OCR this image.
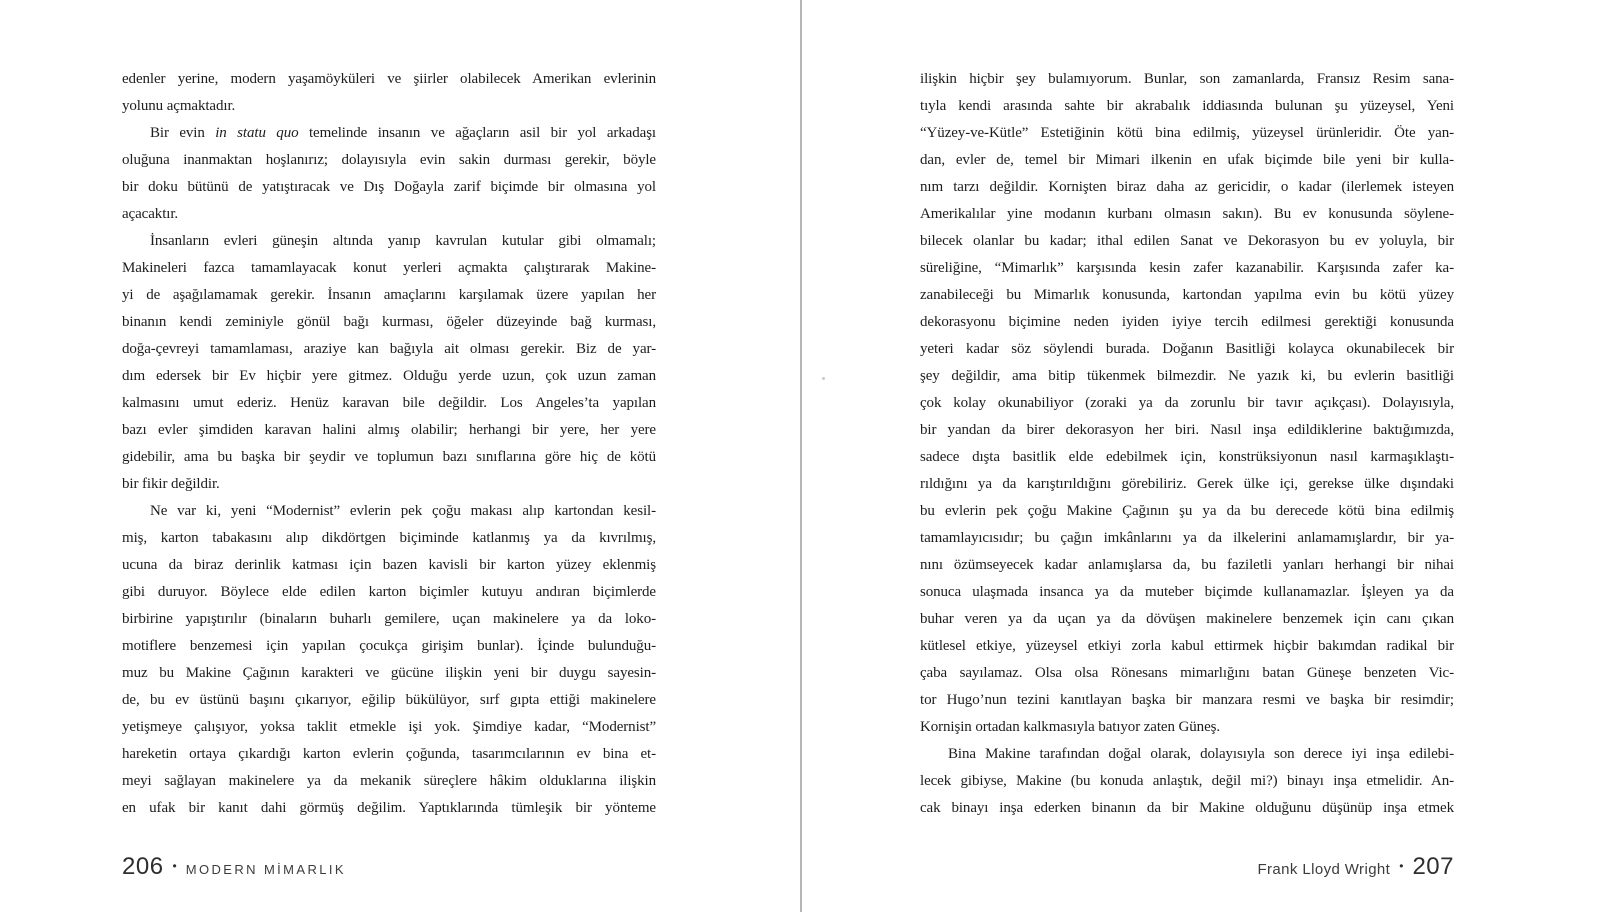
edenler yerine, modern yaşamöyküleri ve şiirler olabilecek Amerikan evlerinin

yolunu açmaktadır.

Bir evin in statu quo temelinde insanın ve ağaçların asil bir yol arkadaşı

oluğuna inanmaktan hoşlanırız; dolayısıyla evin sakin durması gerekir, böyle

bir doku bütünü de yatıştıracak ve Dış Doğayla zarif biçimde bir olmasına yol

açacaktır.

İnsanların evleri güneşin altında yanıp kavrulan kutular gibi olmamalı;

Makineleri fazca tamamlayacak konut yerleri açmakta çalıştırarak Makine-

yi de aşağılamamak gerekir. İnsanın amaçlarını karşılamak üzere yapılan her

binanın kendi zeminiyle gönül bağı kurması, öğeler düzeyinde bağ kurması,

doğa-çevreyi tamamlaması, araziye kan bağıyla ait olması gerekir. Biz de yar-

dım edersek bir Ev hiçbir yere gitmez. Olduğu yerde uzun, çok uzun zaman

kalmasını umut ederiz. Henüz karavan bile değildir. Los Angeles’ta yapılan

bazı evler şimdiden karavan halini almış olabilir; herhangi bir yere, her yere

gidebilir, ama bu başka bir şeydir ve toplumun bazı sınıflarına göre hiç de kötü

bir fikir değildir.

Ne var ki, yeni “Modernist” evlerin pek çoğu makası alıp kartondan kesil-

miş, karton tabakasını alıp dikdörtgen biçiminde katlanmış ya da kıvrılmış,

ucuna da biraz derinlik katması için bazen kavisli bir karton yüzey eklenmiş

gibi duruyor. Böylece elde edilen karton biçimler kutuyu andıran biçimlerde

birbirine yapıştırılır (binaların buharlı gemilere, uçan makinelere ya da loko-

motiflere benzemesi için yapılan çocukça girişim bunlar). İçinde bulunduğu-

muz bu Makine Çağının karakteri ve gücüne ilişkin yeni bir duygu sayesin-

de, bu ev üstünü başını çıkarıyor, eğilip bükülüyor, sırf gıpta ettiği makinelere

yetişmeye çalışıyor, yoksa taklit etmekle işi yok. Şimdiye kadar, “Modernist”

hareketin ortaya çıkardığı karton evlerin çoğunda, tasarımcılarının ev bina et-

meyi sağlayan makinelere ya da mekanik süreçlere hâkim olduklarına ilişkin

en ufak bir kanıt dahi görmüş değilim. Yaptıklarında tümleşik bir yönteme

206 • MODERN MİMARLIK

ilişkin hiçbir şey bulamıyorum. Bunlar, son zamanlarda, Fransız Resim sana-

tıyla kendi arasında sahte bir akrabalık iddiasında bulunan şu yüzeysel, Yeni

“Yüzey-ve-Kütle” Estetiğinin kötü bina edilmiş, yüzeysel ürünleridir. Öte yan-

dan, evler de, temel bir Mimari ilkenin en ufak biçimde bile yeni bir kulla-

nım tarzı değildir. Kornişten biraz daha az gericidir, o kadar (ilerlemek isteyen

Amerikalılar yine modanın kurbanı olmasın sakın). Bu ev konusunda söylene-

bilecek olanlar bu kadar; ithal edilen Sanat ve Dekorasyon bu ev yoluyla, bir

süreliğine, “Mimarlık” karşısında kesin zafer kazanabilir. Karşısında zafer ka-

zanabileceği bu Mimarlık konusunda, kartondan yapılma evin bu kötü yüzey

dekorasyonu biçimine neden iyiden iyiye tercih edilmesi gerektiği konusunda

yeteri kadar söz söylendi burada. Doğanın Basitliği kolayca okunabilecek bir

şey değildir, ama bitip tükenmek bilmezdir. Ne yazık ki, bu evlerin basitliği

çok kolay okunabiliyor (zoraki ya da zorunlu bir tavır açıkçası). Dolayısıyla,

bir yandan da birer dekorasyon her biri. Nasıl inşa edildiklerine baktığımızda,

sadece dışta basitlik elde edebilmek için, konstrüksiyonun nasıl karmaşıklaştı-

rıldığını ya da karıştırıldığını görebiliriz. Gerek ülke içi, gerekse ülke dışındaki

bu evlerin pek çoğu Makine Çağının şu ya da bu derecede kötü bina edilmiş

tamamlayıcısıdır; bu çağın imkânlarını ya da ilkelerini anlamamışlardır, bir ya-

nını özümseyecek kadar anlamışlarsa da, bu faziletli yanları herhangi bir nihai

sonuca ulaşmada insanca ya da muteber biçimde kullanamazlar. İşleyen ya da

buhar veren ya da uçan ya da dövüşen makinelere benzemek için canı çıkan

kütlesel etkiye, yüzeysel etkiyi zorla kabul ettirmek hiçbir bakımdan radikal bir

çaba sayılamaz. Olsa olsa Rönesans mimarlığını batan Güneşe benzeten Vic-

tor Hugo’nun tezini kanıtlayan başka bir manzara resmi ve başka bir resimdir;

Kornişin ortadan kalkmasıyla batıyor zaten Güneş.

Bina Makine tarafından doğal olarak, dolayısıyla son derece iyi inşa edilebi-

lecek gibiyse, Makine (bu konuda anlaştık, değil mi?) binayı inşa etmelidir. An-

cak binayı inşa ederken binanın da bir Makine olduğunu düşünüp inşa etmek

Frank Lloyd Wright • 207
